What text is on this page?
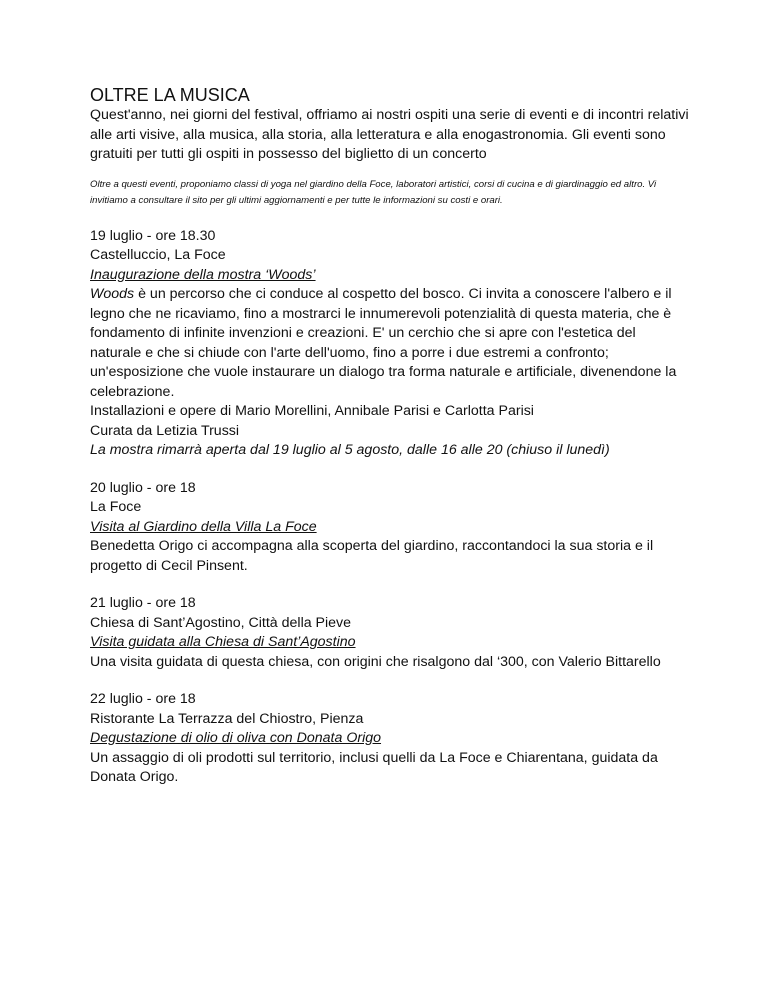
OLTRE LA MUSICA

Quest'anno, nei giorni del festival, offriamo ai nostri ospiti una serie di eventi e di incontri relativi alle arti visive, alla musica, alla storia, alla letteratura e alla enogastronomia. Gli eventi sono gratuiti per tutti gli ospiti in possesso del biglietto di un concerto

Oltre a questi eventi, proponiamo classi di yoga nel giardino della Foce, laboratori artistici, corsi di cucina e di giardinaggio ed altro. Vi invitiamo a consultare il sito per gli ultimi aggiornamenti e per tutte le informazioni su costi e orari.

19 luglio - ore 18.30
Castelluccio, La Foce
Inaugurazione della mostra ‘Woods’
Woods è un percorso che ci conduce al cospetto del bosco. Ci invita a conoscere l'albero e il legno che ne ricaviamo, fino a mostrarci le innumerevoli potenzialità di questa materia, che è fondamento di infinite invenzioni e creazioni. E' un cerchio che si apre con l'estetica del naturale e che si chiude con l'arte dell'uomo, fino a porre i due estremi a confronto; un'esposizione che vuole instaurare un dialogo tra forma naturale e artificiale, divenendone la celebrazione.
Installazioni e opere di Mario Morellini, Annibale Parisi e Carlotta Parisi
Curata da Letizia Trussi
La mostra rimarrà aperta dal 19 luglio al 5 agosto, dalle 16 alle 20 (chiuso il lunedì)
20 luglio - ore 18
La Foce
Visita al Giardino della Villa La Foce
Benedetta Origo ci accompagna alla scoperta del giardino, raccontandoci la sua storia e il progetto di Cecil Pinsent.
21 luglio - ore 18
Chiesa di Sant’Agostino, Città della Pieve
Visita guidata alla Chiesa di Sant’Agostino
Una visita guidata di questa chiesa, con origini che risalgono dal ‘300, con Valerio Bittarello
22 luglio - ore 18
Ristorante La Terrazza del Chiostro, Pienza
Degustazione di olio di oliva con Donata Origo
Un assaggio di oli prodotti sul territorio, inclusi quelli da La Foce e Chiarentana, guidata da Donata Origo.
